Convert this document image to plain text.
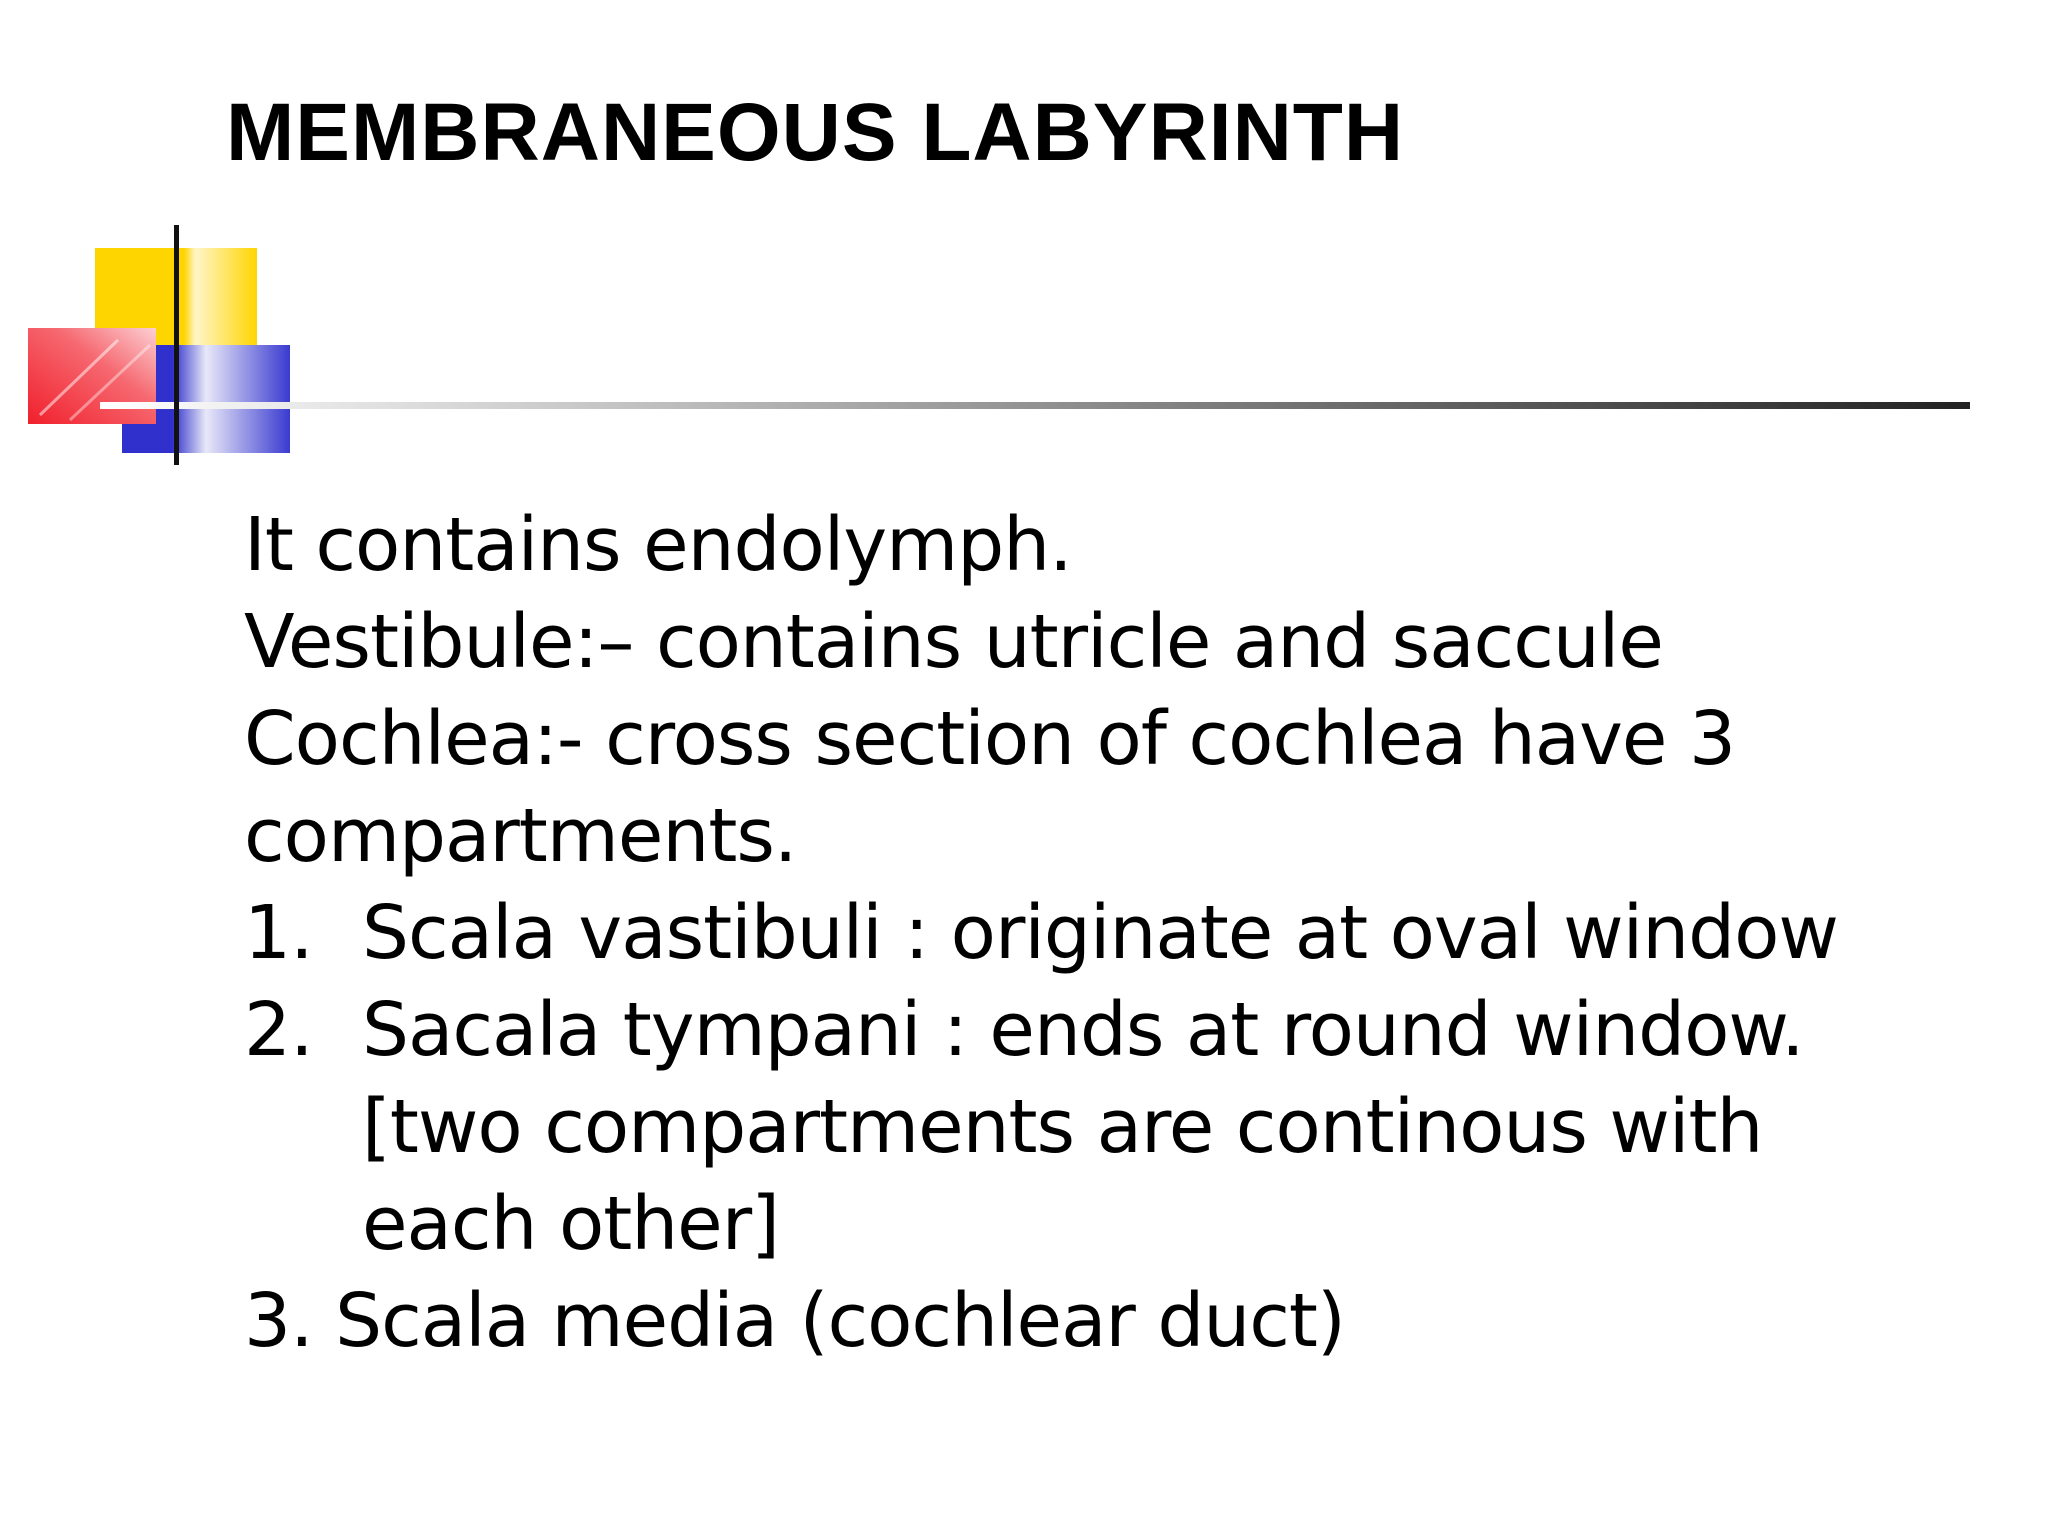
MEMBRANEOUS LABYRINTH
It contains endolymph.
Vestibule:– contains utricle and saccule
Cochlea:- cross section of cochlea have 3
compartments.
1. Scala vastibuli : originate at oval window
2. Sacala tympani : ends at round window.
[two compartments are continous with
each other]
3. Scala media (cochlear duct)
